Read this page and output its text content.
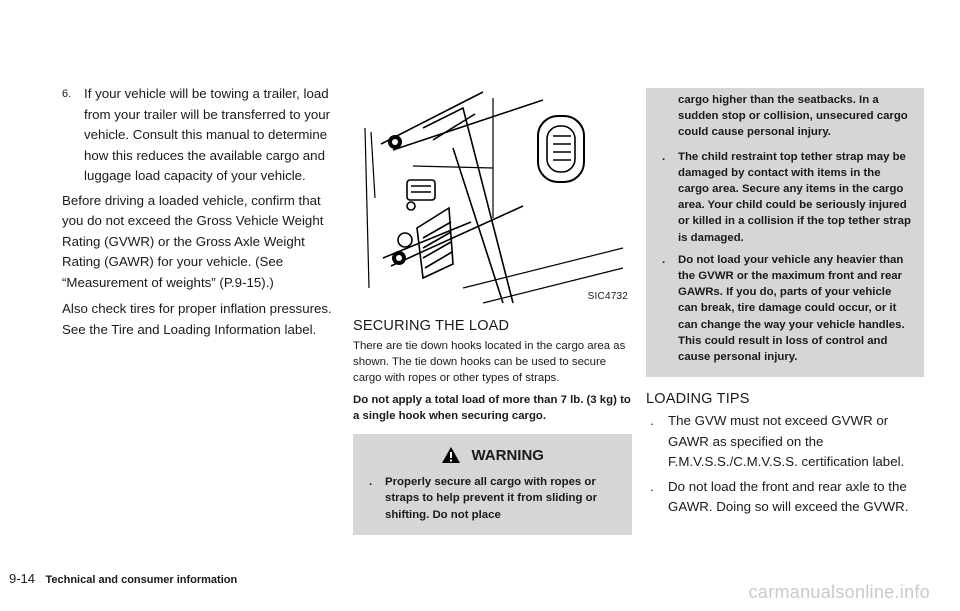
6. If your vehicle will be towing a trailer, load from your trailer will be transferred to your vehicle. Consult this manual to determine how this reduces the available cargo and luggage load capacity of your vehicle.

Before driving a loaded vehicle, confirm that you do not exceed the Gross Vehicle Weight Rating (GVWR) or the Gross Axle Weight Rating (GAWR) for your vehicle. (See “Measurement of weights” (P.9-15).)

Also check tires for proper inflation pressures. See the Tire and Loading Information label.

SIC4732
SECURING THE LOAD

There are tie down hooks located in the cargo area as shown. The tie down hooks can be used to secure cargo with ropes or other types of straps.

Do not apply a total load of more than 7 lb. (3 kg) to a single hook when securing cargo.

WARNING
. Properly secure all cargo with ropes or straps to help prevent it from sliding or shifting. Do not place
cargo higher than the seatbacks. In a sudden stop or collision, unsecured cargo could cause personal injury.
. The child restraint top tether strap may be damaged by contact with items in the cargo area. Secure any items in the cargo area. Your child could be seriously injured or killed in a collision if the top tether strap is damaged.
. Do not load your vehicle any heavier than the GVWR or the maximum front and rear GAWRs. If you do, parts of your vehicle can break, tire damage could occur, or it can change the way your vehicle handles. This could result in loss of control and cause personal injury.
LOADING TIPS
. The GVW must not exceed GVWR or GAWR as specified on the F.M.V.S.S./C.M.V.S.S. certification label.
. Do not load the front and rear axle to the GAWR. Doing so will exceed the GVWR.
9-14 Technical and consumer information
carmanualsonline.info
